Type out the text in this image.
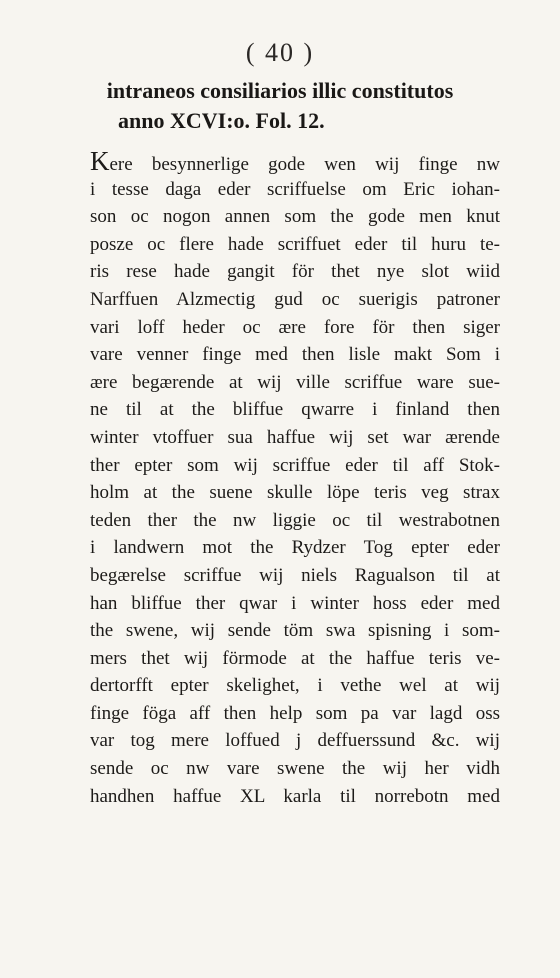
( 40 )
intraneos consiliarios illic constitutos
anno XCVI:o. Fol. 12.
Kere besynnerlige gode wen wij finge nw
i tesse daga eder scriffuelse om Eric iohan-
son oc nogon annen som the gode men knut
posze oc flere hade scriffuet eder til huru te-
ris rese hade gangit för thet nye slot wiid
Narffuen Alzmectig gud oc suerigis patroner
vari loff heder oc ære fore för then siger
vare venner finge med then lisle makt Som i
ære begærende at wij ville scriffue ware sue-
ne til at the bliffue qwarre i finland then
winter vtoffuer sua haffue wij set war ærende
ther epter som wij scriffue eder til aff Stok-
holm at the suene skulle löpe teris veg strax
teden ther the nw liggie oc til westrabotnen
i landwern mot the Rydzer Tog epter eder
begærelse scriffue wij niels Ragualson til at
han bliffue ther qwar i winter hoss eder med
the swene, wij sende töm swa spisning i som-
mers thet wij förmode at the haffue teris ve-
dertorfft epter skelighet, i vethe wel at wij
finge föga aff then help som pa var lagd oss
var tog mere loffued j deffuerssund &c. wij
sende oc nw vare swene the wij her vidh
handhen haffue XL karla til norrebotn med
